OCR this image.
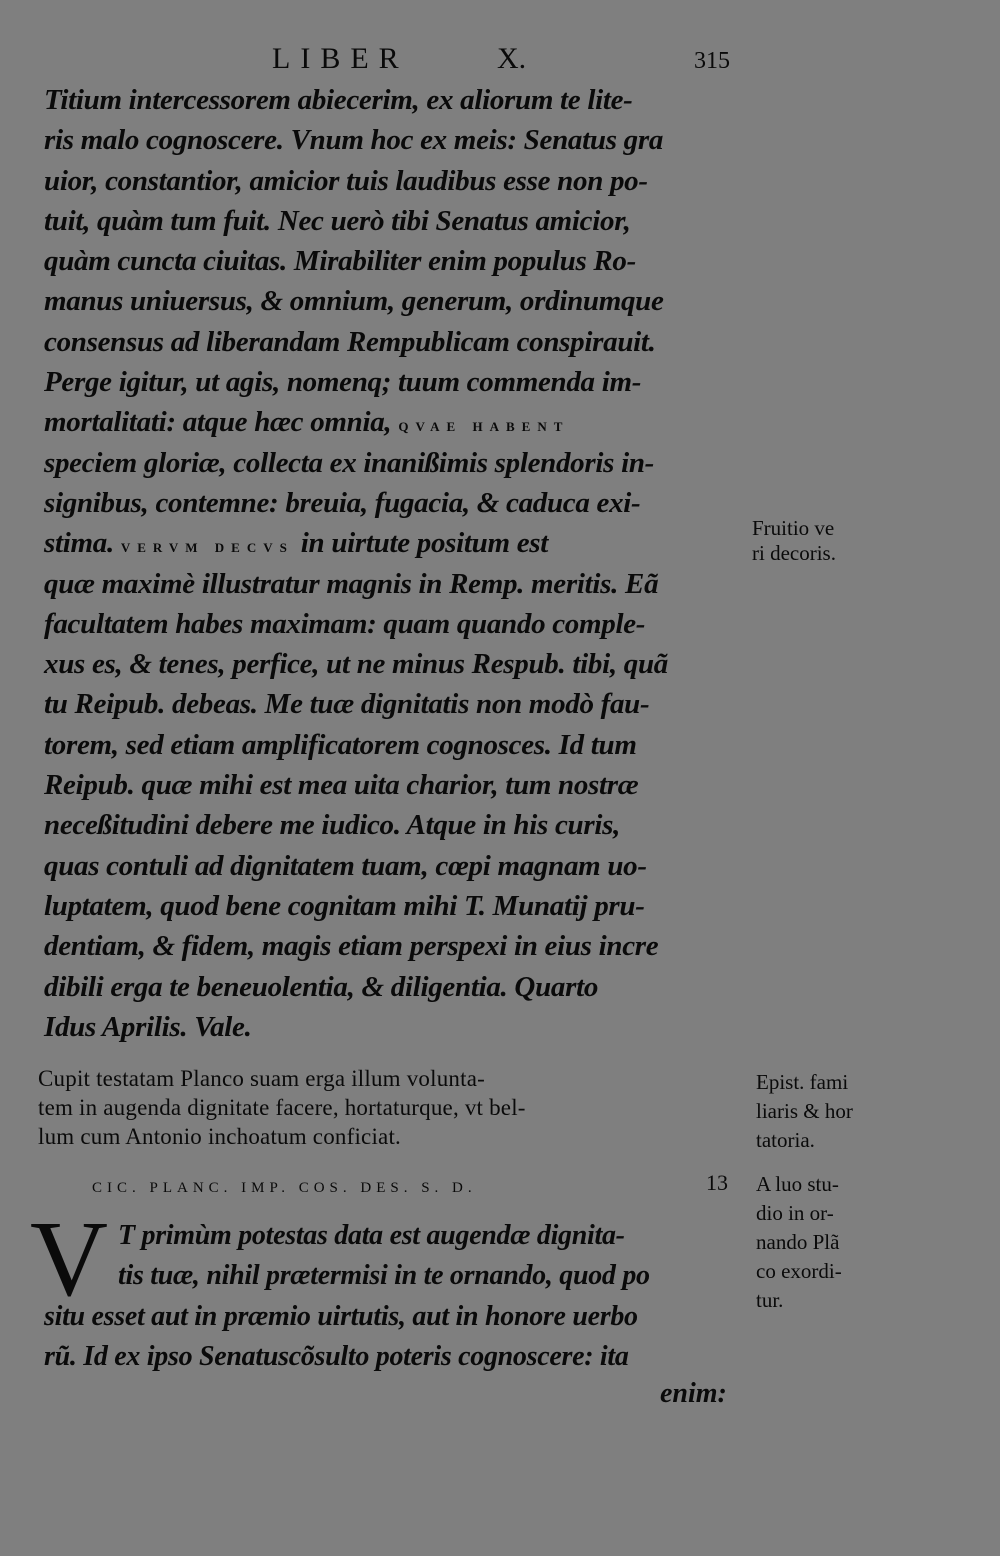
LIBER	X.	315
Titium intercessorem abiecerim, ex aliorum te lite-
ris malo cognoscere. Vnum hoc ex meis: Senatus gra
uior, constantior, amicior tuis laudibus esse non po-
tuit, quàm tum fuit. Nec uerò tibi Senatus amicior,
quàm cuncta ciuitas. Mirabiliter enim populus Ro-
manus uniuersus, & omnium, generum, ordinumque
consensus ad liberandam Rempublicam conspirauit.
Perge igitur, ut agis, nomenq; tuum commenda im-
mortalitati: atque hæc omnia, QVAE HABENT
speciem gloriæ, collecta ex inanißimis splendoris in-
signibus, contemne: breuia, fugacia, & caduca exi-
stima. VERVM DECVS in uirtute positum est
quæ maximè illustratur magnis in Remp. meritis. Eã
facultatem habes maximam: quam quando comple-
xus es, & tenes, perfice, ut ne minus Respub. tibi, quã
tu Reipub. debeas. Me tuæ dignitatis non modò fau-
torem, sed etiam amplificatorem cognosces. Id tum
Reipub. quæ mihi est mea uita charior, tum nostræ
neceßitudini debere me iudico. Atque in his curis,
quas contuli ad dignitatem tuam, cœpi magnam uo-
luptatem, quod bene cognitam mihi T. Munatij pru-
dentiam, & fidem, magis etiam perspexi in eius incre
dibili erga te beneuolentia, & diligentia. Quarto
Idus Aprilis. Vale.
Fruitio ve
ri decoris.
Cupit testatam Planco suam erga illum volunta-
tem in augenda dignitate facere, hortaturque, vt bel-
lum cum Antonio inchoatum conficiat.
Epist. fami
liaris & hor
tatoria.
CIC. PLANC. IMP. COS. DES. S. D.	13
V T primùm potestas data est augendæ dignita-
tis tuæ, nihil prætermisi in te ornando, quod po
situ esset aut in præmio uirtutis, aut in honore uerbo
rũ. Id ex ipso Senatuscõsulto poteris cognoscere: ita
enim:
A luo stu-
dio in or-
nando Plã
co exordi-
tur.
